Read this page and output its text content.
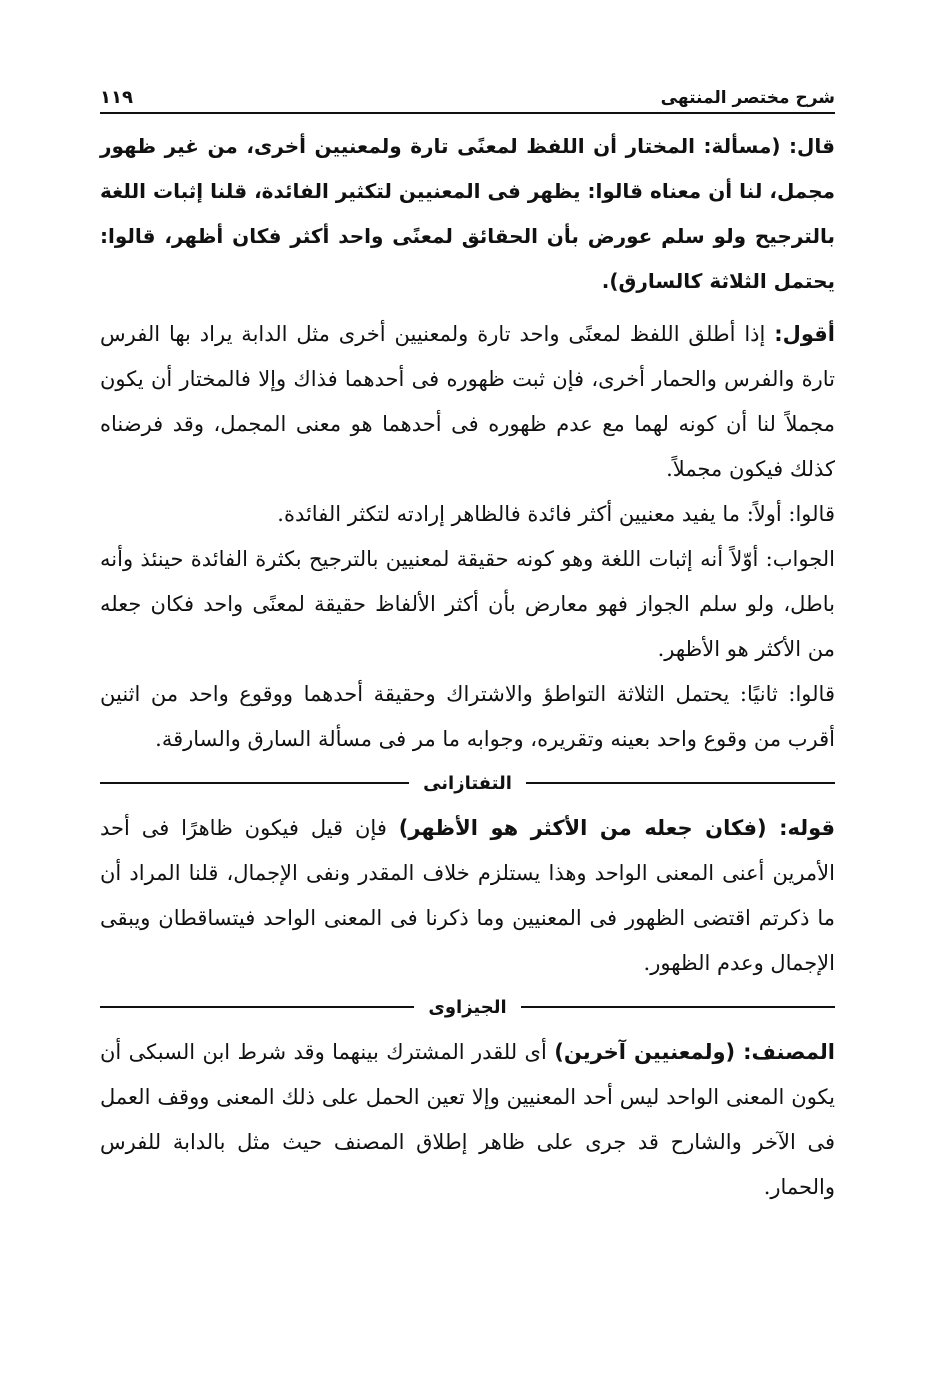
شرح مختصر المنتهى
١١٩

قال: (مسألة: المختار أن اللفظ لمعنًى تارة ولمعنيين أخرى، من غير ظهور مجمل، لنا أن معناه قالوا: يظهر فى المعنيين لتكثير الفائدة، قلنا إثبات اللغة بالترجيح ولو سلم عورض بأن الحقائق لمعنًى واحد أكثر فكان أظهر، قالوا: يحتمل الثلاثة كالسارق).

أقول: إذا أطلق اللفظ لمعنًى واحد تارة ولمعنيين أخرى مثل الدابة يراد بها الفرس تارة والفرس والحمار أخرى، فإن ثبت ظهوره فى أحدهما فذاك وإلا فالمختار أن يكون مجملاً لنا أن كونه لهما مع عدم ظهوره فى أحدهما هو معنى المجمل، وقد فرضناه كذلك فيكون مجملاً.

قالوا: أولاً: ما يفيد معنيين أكثر فائدة فالظاهر إرادته لتكثر الفائدة.

الجواب: أوّلاً أنه إثبات اللغة وهو كونه حقيقة لمعنيين بالترجيح بكثرة الفائدة حينئذ وأنه باطل، ولو سلم الجواز فهو معارض بأن أكثر الألفاظ حقيقة لمعنًى واحد فكان جعله من الأكثر هو الأظهر.

قالوا: ثانيًا: يحتمل الثلاثة التواطؤ والاشتراك وحقيقة أحدهما ووقوع واحد من اثنين أقرب من وقوع واحد بعينه وتقريره، وجوابه ما مر فى مسألة السارق والسارقة.

التفتازانى

قوله: (فكان جعله من الأكثر هو الأظهر) فإن قيل فيكون ظاهرًا فى أحد الأمرين أعنى المعنى الواحد وهذا يستلزم خلاف المقدر ونفى الإجمال، قلنا المراد أن ما ذكرتم اقتضى الظهور فى المعنيين وما ذكرنا فى المعنى الواحد فيتساقطان ويبقى الإجمال وعدم الظهور.

الجيزاوى

المصنف: (ولمعنيين آخرين) أى للقدر المشترك بينهما وقد شرط ابن السبكى أن يكون المعنى الواحد ليس أحد المعنيين وإلا تعين الحمل على ذلك المعنى ووقف العمل فى الآخر والشارح قد جرى على ظاهر إطلاق المصنف حيث مثل بالدابة للفرس والحمار.
